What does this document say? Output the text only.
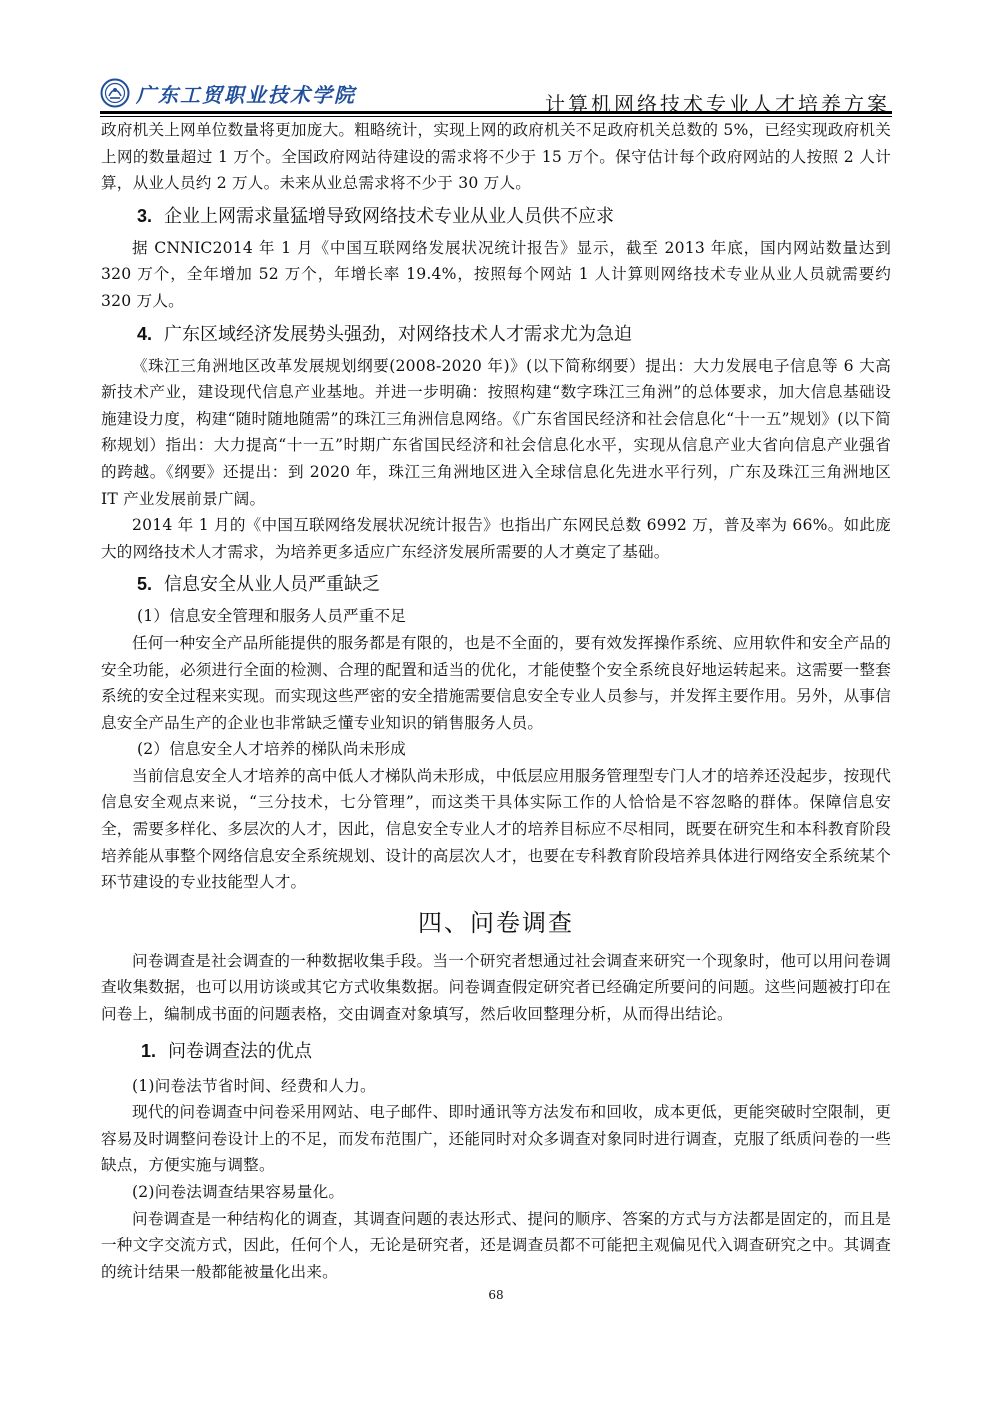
广东工贸职业技术学院	计算机网络技术专业人才培养方案

政府机关上网单位数量将更加庞大。粗略统计，实现上网的政府机关不足政府机关总数的 5%，已经实现政府机关上网的数量超过 1 万个。全国政府网站待建设的需求将不少于 15 万个。保守估计每个政府网站的人按照 2 人计算，从业人员约 2 万人。未来从业总需求将不少于 30 万人。

3. 企业上网需求量猛增导致网络技术专业从业人员供不应求

据 CNNIC2014 年 1 月《中国互联网络发展状况统计报告》显示，截至 2013 年底，国内网站数量达到 320 万个，全年增加 52 万个，年增长率 19.4%，按照每个网站 1 人计算则网络技术专业从业人员就需要约 320 万人。

4. 广东区域经济发展势头强劲，对网络技术人才需求尤为急迫

《珠江三角洲地区改革发展规划纲要(2008-2020 年)》(以下简称纲要）提出：大力发展电子信息等 6 大高新技术产业，建设现代信息产业基地。并进一步明确：按照构建“数字珠江三角洲”的总体要求，加大信息基础设施建设力度，构建“随时随地随需”的珠江三角洲信息网络。《广东省国民经济和社会信息化“十一五”规划》(以下简称规划）指出：大力提高“十一五”时期广东省国民经济和社会信息化水平，实现从信息产业大省向信息产业强省的跨越。《纲要》还提出：到 2020 年，珠江三角洲地区进入全球信息化先进水平行列，广东及珠江三角洲地区 IT 产业发展前景广阔。

2014 年 1 月的《中国互联网络发展状况统计报告》也指出广东网民总数 6992 万，普及率为 66%。如此庞大的网络技术人才需求，为培养更多适应广东经济发展所需要的人才奠定了基础。

5. 信息安全从业人员严重缺乏

(1）信息安全管理和服务人员严重不足

任何一种安全产品所能提供的服务都是有限的，也是不全面的，要有效发挥操作系统、应用软件和安全产品的安全功能，必须进行全面的检测、合理的配置和适当的优化，才能使整个安全系统良好地运转起来。这需要一整套系统的安全过程来实现。而实现这些严密的安全措施需要信息安全专业人员参与，并发挥主要作用。另外，从事信息安全产品生产的企业也非常缺乏懂专业知识的销售服务人员。

(2）信息安全人才培养的梯队尚未形成

当前信息安全人才培养的高中低人才梯队尚未形成，中低层应用服务管理型专门人才的培养还没起步，按现代信息安全观点来说，“三分技术，七分管理”，而这类干具体实际工作的人恰恰是不容忽略的群体。保障信息安全，需要多样化、多层次的人才，因此，信息安全专业人才的培养目标应不尽相同，既要在研究生和本科教育阶段培养能从事整个网络信息安全系统规划、设计的高层次人才，也要在专科教育阶段培养具体进行网络安全系统某个环节建设的专业技能型人才。

四、问卷调查

问卷调查是社会调查的一种数据收集手段。当一个研究者想通过社会调查来研究一个现象时，他可以用问卷调查收集数据，也可以用访谈或其它方式收集数据。问卷调查假定研究者已经确定所要问的问题。这些问题被打印在问卷上，编制成书面的问题表格，交由调查对象填写，然后收回整理分析，从而得出结论。

1. 问卷调查法的优点

(1)问卷法节省时间、经费和人力。

现代的问卷调查中问卷采用网站、电子邮件、即时通讯等方法发布和回收，成本更低，更能突破时空限制，更容易及时调整问卷设计上的不足，而发布范围广，还能同时对众多调查对象同时进行调查，克服了纸质问卷的一些缺点，方便实施与调整。

(2)问卷法调查结果容易量化。

问卷调查是一种结构化的调查，其调查问题的表达形式、提问的顺序、答案的方式与方法都是固定的，而且是一种文字交流方式，因此，任何个人，无论是研究者，还是调查员都不可能把主观偏见代入调查研究之中。其调查的统计结果一般都能被量化出来。

68
